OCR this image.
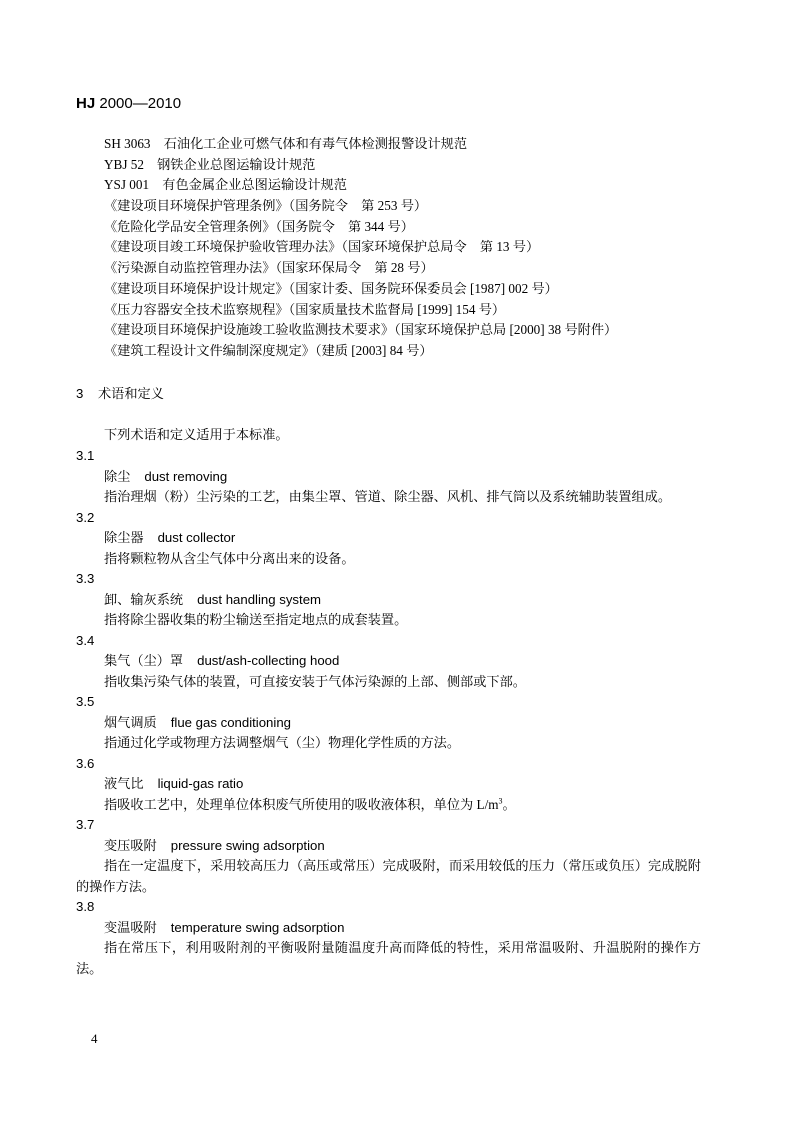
HJ 2000—2010
SH 3063　石油化工企业可燃气体和有毒气体检测报警设计规范
YBJ 52　钢铁企业总图运输设计规范
YSJ 001　有色金属企业总图运输设计规范
《建设项目环境保护管理条例》（国务院令　第 253 号）
《危险化学品安全管理条例》（国务院令　第 344 号）
《建设项目竣工环境保护验收管理办法》（国家环境保护总局令　第 13 号）
《污染源自动监控管理办法》（国家环保局令　第 28 号）
《建设项目环境保护设计规定》（国家计委、国务院环保委员会 [1987] 002 号）
《压力容器安全技术监察规程》（国家质量技术监督局 [1999] 154 号）
《建设项目环境保护设施竣工验收监测技术要求》（国家环境保护总局 [2000] 38 号附件）
《建筑工程设计文件编制深度规定》（建质 [2003] 84 号）
3 术语和定义
下列术语和定义适用于本标准。
3.1
除尘 dust removing
指治理烟（粉）尘污染的工艺，由集尘罩、管道、除尘器、风机、排气筒以及系统辅助装置组成。
3.2
除尘器 dust collector
指将颗粒物从含尘气体中分离出来的设备。
3.3
卸、输灰系统 dust handling system
指将除尘器收集的粉尘输送至指定地点的成套装置。
3.4
集气（尘）罩 dust/ash-collecting hood
指收集污染气体的装置，可直接安装于气体污染源的上部、侧部或下部。
3.5
烟气调质 flue gas conditioning
指通过化学或物理方法调整烟气（尘）物理化学性质的方法。
3.6
液气比 liquid-gas ratio
指吸收工艺中，处理单位体积废气所使用的吸收液体积，单位为 $L/m^3$。
3.7
变压吸附 pressure swing adsorption
指在一定温度下，采用较高压力（高压或常压）完成吸附，而采用较低的压力（常压或负压）完成脱附的操作方法。
3.8
变温吸附 temperature swing adsorption
指在常压下，利用吸附剂的平衡吸附量随温度升高而降低的特性，采用常温吸附、升温脱附的操作方法。
4
